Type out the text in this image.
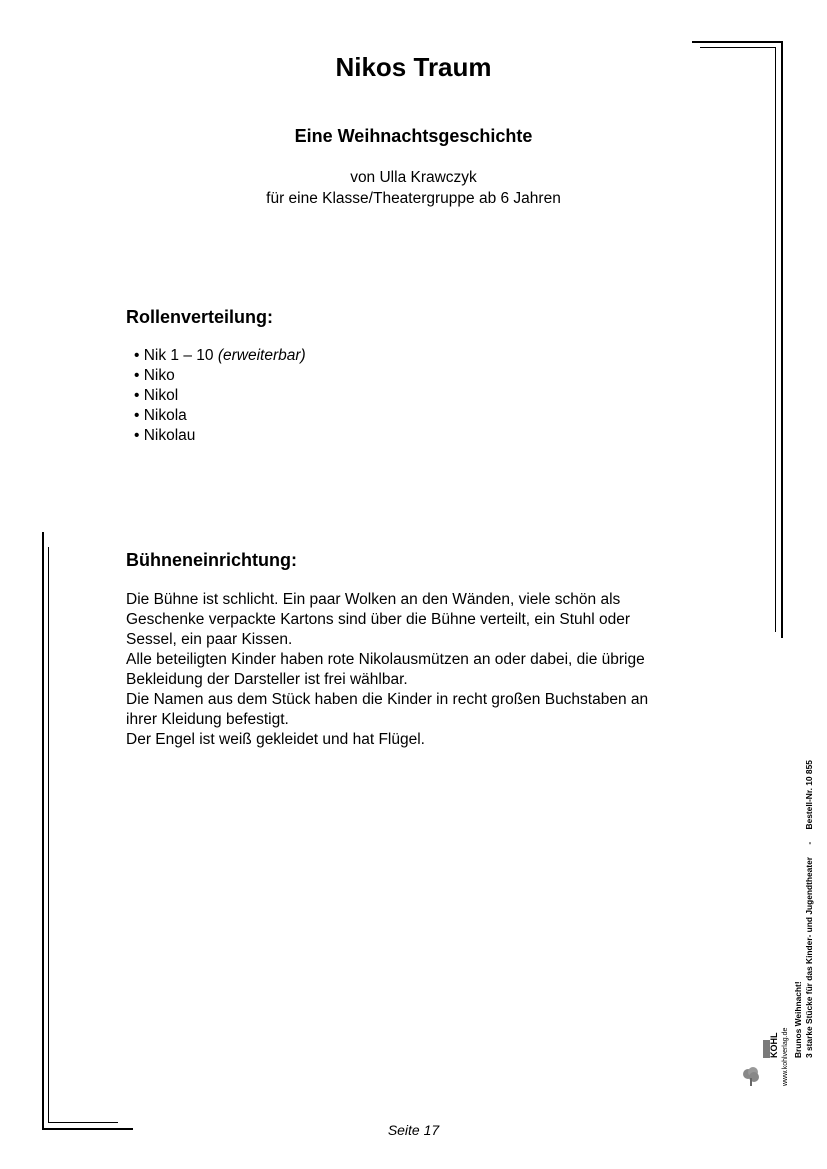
Nikos Traum
Eine Weihnachtsgeschichte
von Ulla Krawczyk
für eine Klasse/Theatergruppe ab 6 Jahren
Rollenverteilung:
• Nik 1 – 10 (erweiterbar)
• Niko
• Nikol
• Nikola
• Nikolau
Bühneneinrichtung:
Die Bühne ist schlicht. Ein paar Wolken an den Wänden, viele schön als
Geschenke verpackte Kartons sind über die Bühne verteilt, ein Stuhl oder
Sessel, ein paar Kissen.
Alle beteiligten Kinder haben rote Nikolausmützen an oder dabei, die übrige
Bekleidung der Darsteller ist frei wählbar.
Die Namen aus dem Stück haben die Kinder in recht großen Buchstaben an
ihrer Kleidung befestigt.
Der Engel ist weiß gekleidet und hat Flügel.
Brunos Weihnacht! 3 starke Stücke für das Kinder- und Jugendtheater - Bestell-Nr. 10 855
www.kohlverlag.de
KOHL
Seite 17
